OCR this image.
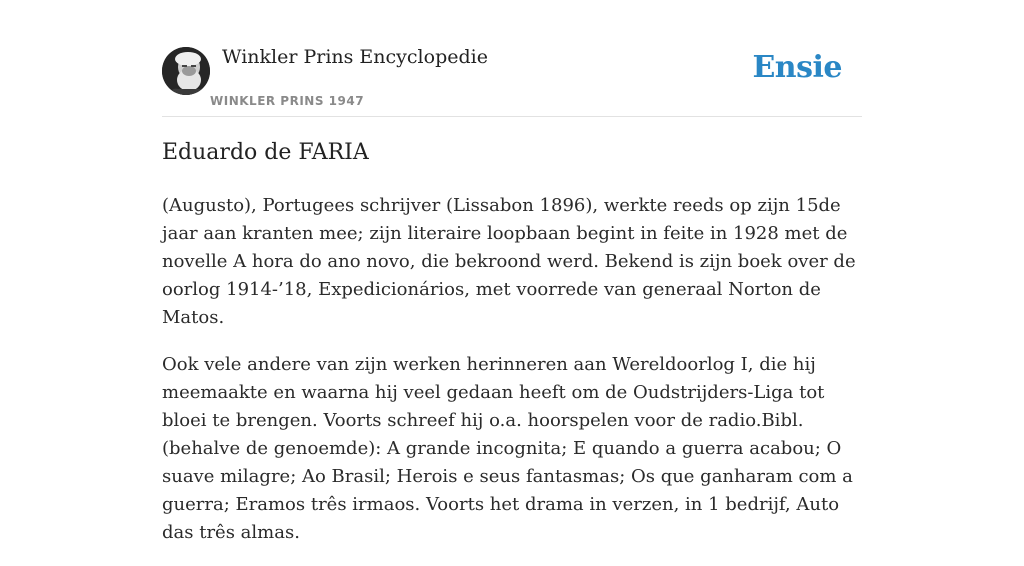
Winkler Prins Encyclopedie
WINKLER PRINS 1947
Ensie
Eduardo de FARIA

(Augusto), Portugees schrijver (Lissabon 1896), werkte reeds op zijn 15de jaar aan kranten mee; zijn literaire loopbaan begint in feite in 1928 met de novelle A hora do ano novo, die bekroond werd. Bekend is zijn boek over de oorlog 1914-’18, Expedicionários, met voorrede van generaal Norton de Matos.

Ook vele andere van zijn werken herinneren aan Wereldoorlog I, die hij meemaakte en waarna hij veel gedaan heeft om de Oudstrijders-Liga tot bloei te brengen. Voorts schreef hij o.a. hoorspelen voor de radio.Bibl. (behalve de genoemde): A grande incognita; E quando a guerra acabou; O suave milagre; Ao Brasil; Herois e seus fantasmas; Os que ganharam com a guerra; Eramos três irmaos. Voorts het drama in verzen, in 1 bedrijf, Auto das três almas.
